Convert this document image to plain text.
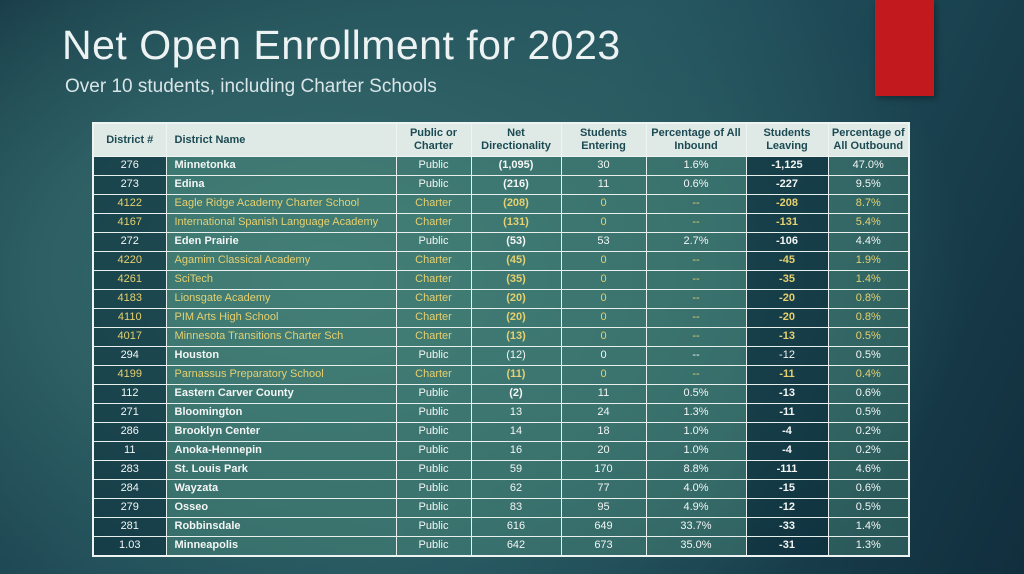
Net Open Enrollment for 2023
Over 10 students, including Charter Schools
District #	District Name	Public or Charter	Net Directionality	Students Entering	Percentage of All Inbound	Students Leaving	Percentage of All Outbound
276	Minnetonka	Public	(1,095)	30	1.6%	-1,125	47.0%
273	Edina	Public	(216)	11	0.6%	-227	9.5%
4122	Eagle Ridge Academy Charter School	Charter	(208)	0	--	-208	8.7%
4167	International Spanish Language Academy	Charter	(131)	0	--	-131	5.4%
272	Eden Prairie	Public	(53)	53	2.7%	-106	4.4%
4220	Agamim Classical Academy	Charter	(45)	0	--	-45	1.9%
4261	SciTech	Charter	(35)	0	--	-35	1.4%
4183	Lionsgate Academy	Charter	(20)	0	--	-20	0.8%
4110	PIM Arts High School	Charter	(20)	0	--	-20	0.8%
4017	Minnesota Transitions Charter Sch	Charter	(13)	0	--	-13	0.5%
294	Houston	Public	(12)	0	--	-12	0.5%
4199	Parnassus Preparatory School	Charter	(11)	0	--	-11	0.4%
112	Eastern Carver County	Public	(2)	11	0.5%	-13	0.6%
271	Bloomington	Public	13	24	1.3%	-11	0.5%
286	Brooklyn Center	Public	14	18	1.0%	-4	0.2%
11	Anoka-Hennepin	Public	16	20	1.0%	-4	0.2%
283	St. Louis Park	Public	59	170	8.8%	-111	4.6%
284	Wayzata	Public	62	77	4.0%	-15	0.6%
279	Osseo	Public	83	95	4.9%	-12	0.5%
281	Robbinsdale	Public	616	649	33.7%	-33	1.4%
1.03	Minneapolis	Public	642	673	35.0%	-31	1.3%
